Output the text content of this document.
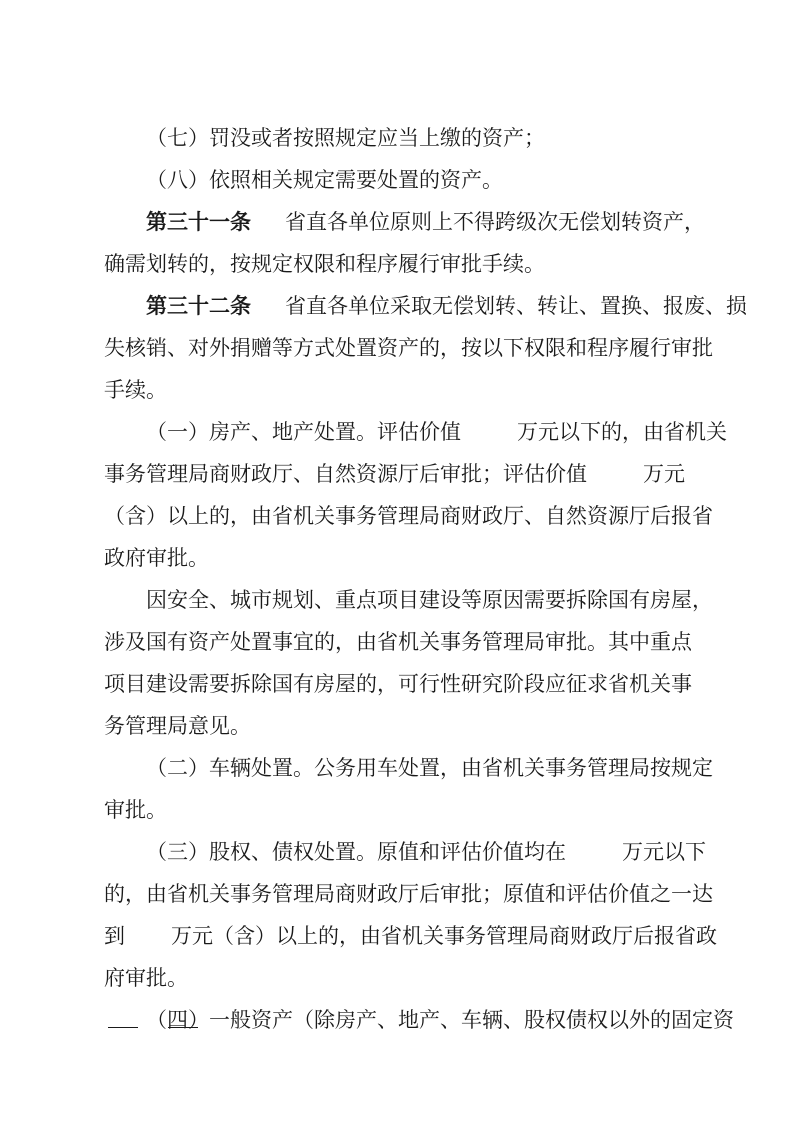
（七）罚没或者按照规定应当上缴的资产；
（八）依照相关规定需要处置的资产。
第三十一条 省直各单位原则上不得跨级次无偿划转资产，
确需划转的，按规定权限和程序履行审批手续。
第三十二条 省直各单位采取无偿划转、转让、置换、报废、损
失核销、对外捐赠等方式处置资产的，按以下权限和程序履行审批
手续。
（一）房产、地产处置。评估价值	万元以下的，由省机关
事务管理局商财政厅、自然资源厅后审批；评估价值	万元
（含）以上的，由省机关事务管理局商财政厅、自然资源厅后报省
政府审批。
因安全、城市规划、重点项目建设等原因需要拆除国有房屋，
涉及国有资产处置事宜的，由省机关事务管理局审批。其中重点
项目建设需要拆除国有房屋的，可行性研究阶段应征求省机关事
务管理局意见。
（二）车辆处置。公务用车处置，由省机关事务管理局按规定
审批。
（三）股权、债权处置。原值和评估价值均在	万元以下
的，由省机关事务管理局商财政厅后审批；原值和评估价值之一达
到 万元（含）以上的，由省机关事务管理局商财政厅后报省政
府审批。
（四）一般资产（除房产、地产、车辆、股权债权以外的固定资
